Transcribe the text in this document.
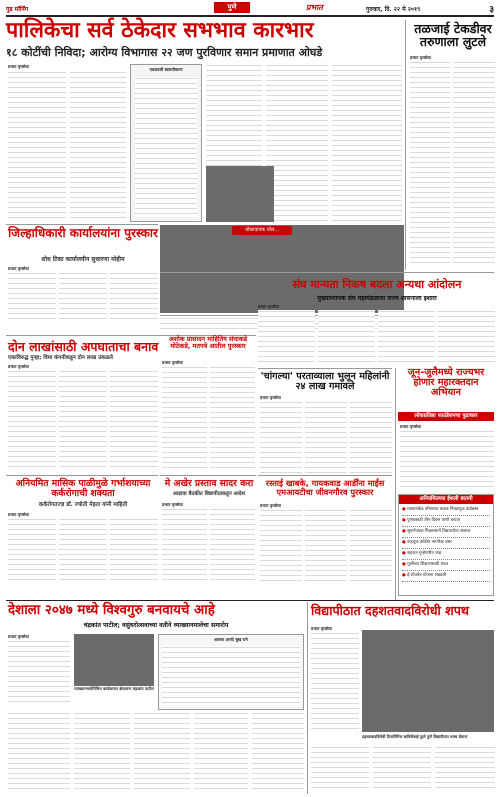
गुड मॉर्निंग	पुणे	प्रभात	गुरुवार, दि. २२ मे २०१९	३
पालिकेचा सर्व ठेकेदार सभभाव कारभार
१८ कोटींची निविदा; आरोग्य विभागास २२ जण पुरविणार समान प्रमाणात ओघडे
प्रभात वृत्तसेवा
एकत्रचारी स्वरूपीकरण
तळजाई टेकडीवर तरुणाला लुटले
प्रभात वृत्तसेवा
धोकादायक पोल...
जिल्हाधिकारी कार्यालयांना पुरस्कार
शोध टिका कार्यालयीन सुधारणा मोहीम
प्रभात वृत्तसेवा
संघ मान्यता निकष बदला अन्यथा आंदोलन
मुख्याध्यापक संघ महामंडळाचा राज्य शासनाला इशारा
प्रभात वृत्तसेवा
दोन लाखांसाठी अपघाताचा बनाव
एकाविरुद्ध गुन्हा; विमा कंपनीकडून दोन लाख उकळले
प्रभात वृत्तसेवा
अशोक प्रासादन माहितिय संघाकडे मोठेकडे, मतपत्रे आतील पुरस्कार
प्रभात वृत्तसेवा
'चांगल्या' परताव्याला भुलून महिलांनी २४ लाख गमावले
प्रभात वृत्तसेवा
जून-जुलैमध्ये राज्यभर होणार महारक्तदान अभियान
लोकप्रतिष्ठा फाउंडेशनचा पुढाकार
प्रभात वृत्तसेवा
अनियमितच्या ईशली बातमी
● मतदानकेंद्र परिसरात कडक निवडणूक बंदोबस्त
● पुण्यासाठी तीन दिवस पाणी कपात
● सुवर्णपदक मिळाल्याने विद्यार्थ्याचा सत्कार
● वाहतूक कोंडीत नागरिक त्रस्त
● शहरात गुन्हेगारीत वाढ
● मुलींच्या शिक्षणासाठी मदत
● ई-टॉयलेट योजना रखडली
अनियमित मासिक पाळीमुळे गर्भाशयाच्या कर्करोगाची शक्यता
कर्करोगतज्ज्ञ डॉ. ज्योती मेहता यांनी माहिती
प्रभात वृत्तसेवा
मे अखेर प्रस्ताव सादर करा
आढावा बैठकीत विद्यापीठाकडून आदेश
प्रभात वृत्तसेवा
रस्ताई खाबके, गायकवाड आर्डींना मार्ईस एमआयटीचा जीवनगौरव पुरस्कार
प्रभात वृत्तसेवा
देशाला २०४७ मध्ये विश्वगुरु बनवायचे आहे
चंद्रकांत पाटील; वसुंधरोत्सवाच्या वतीने व्याख्यानमालेचा समारोप
प्रभात वृत्तसेवा
व्याख्यानमालेनिमित्त कार्यक्रमात बोलताना चंद्रकांत पाटील
शामला आनंदे सुख रत्ने
विद्यापीठात दहशतवादविरोधी शपथ
प्रभात वृत्तसेवा
दहशतवादविरोधी दिनानिमित्त सावित्रीबाई फुले पुणे विद्यापीठात शपथ घेताना
